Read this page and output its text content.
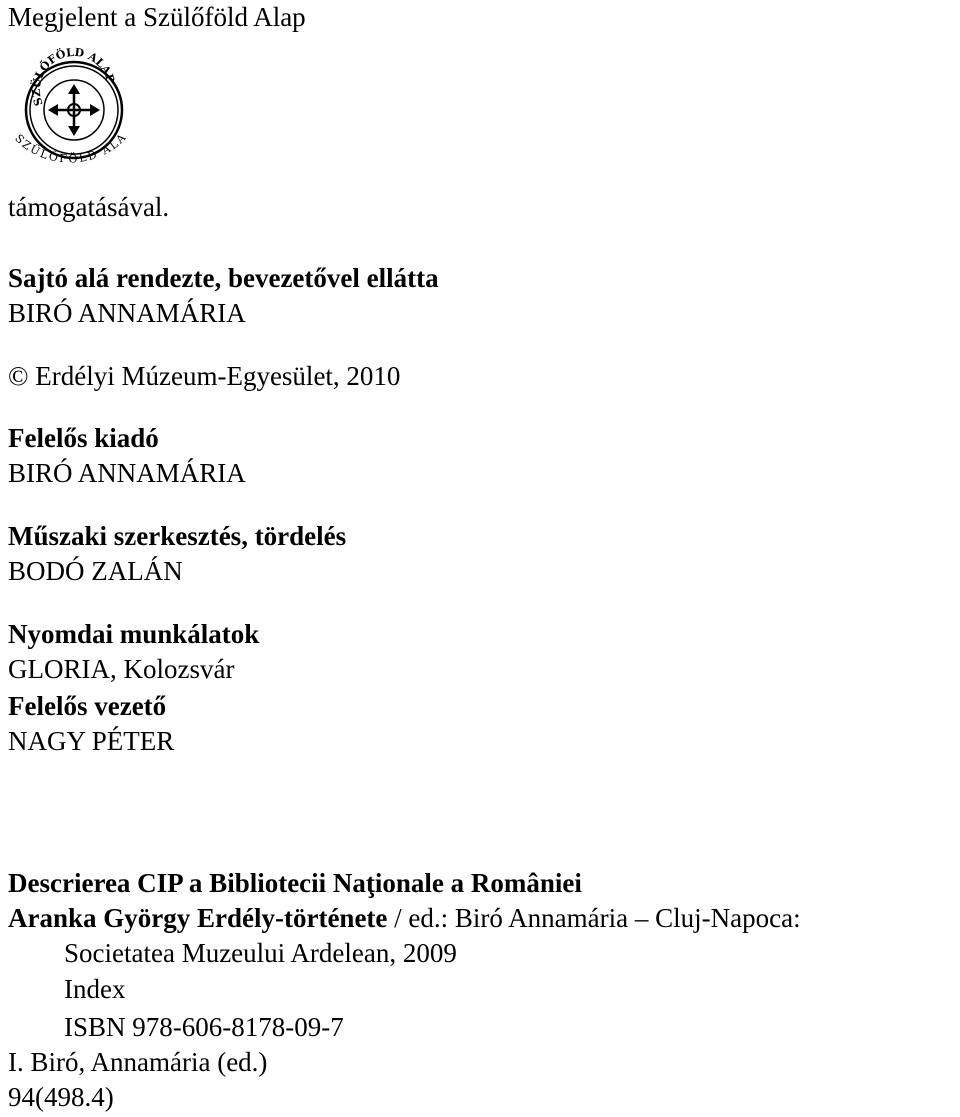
Megjelent a Szülőföld Alap
SZÜLŐFÖLD ALAP
SZÜLŐFÖLD ALA
támogatásával.
Sajtó alá rendezte, bevezetővel ellátta
BIRÓ ANNAMÁRIA
© Erdélyi Múzeum-Egyesület, 2010
Felelős kiadó
BIRÓ ANNAMÁRIA
Műszaki szerkesztés, tördelés
BODÓ ZALÁN
Nyomdai munkálatok
GLORIA, Kolozsvár
Felelős vezető
NAGY PÉTER
Descrierea CIP a Bibliotecii Naţionale a României
Aranka György Erdély-története / ed.: Biró Annamária – Cluj-Napoca:
Societatea Muzeului Ardelean, 2009
Index
ISBN 978-606-8178-09-7
I. Biró, Annamária (ed.)
94(498.4)
